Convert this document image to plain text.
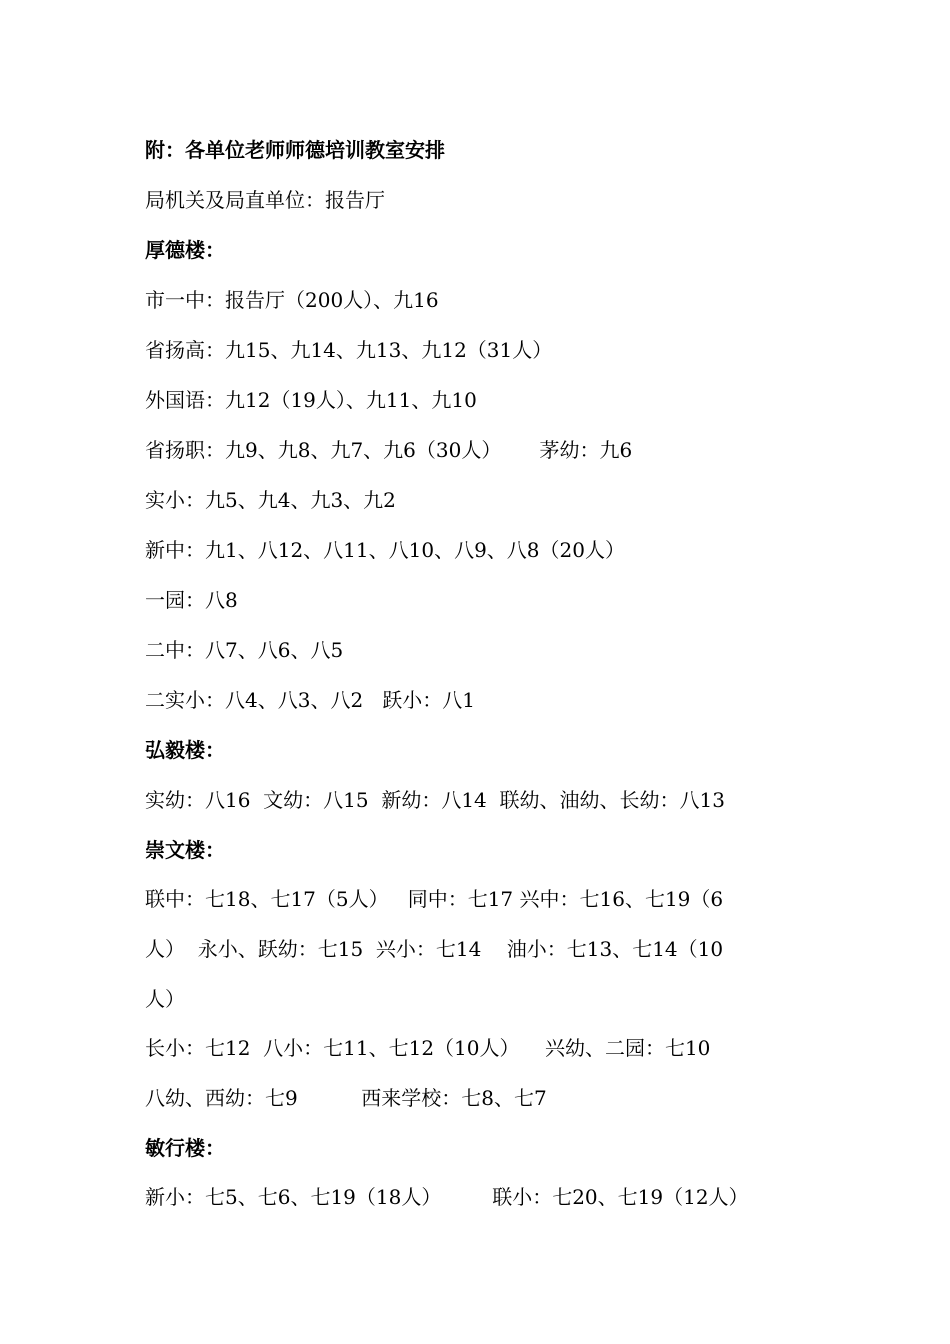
附：各单位老师师德培训教室安排
局机关及局直单位：报告厅
厚德楼：
市一中：报告厅（200人）、九16
省扬高：九15、九14、九13、九12（31人）
外国语：九12（19人）、九11、九10
省扬职：九9、九8、九7、九6（30人）      茅幼：九6
实小：九5、九4、九3、九2
新中：九1、八12、八11、八10、八9、八8（20人）
一园：八8
二中：八7、八6、八5
二实小：八4、八3、八2   跃小：八1
弘毅楼：
实幼：八16  文幼：八15  新幼：八14  联幼、油幼、长幼：八13
崇文楼：
联中：七18、七17（5人）   同中：七17 兴中：七16、七19（6
人）  永小、跃幼：七15  兴小：七14    油小：七13、七14（10
人）
长小：七12  八小：七11、七12（10人）    兴幼、二园：七10
八幼、西幼：七9          西来学校：七8、七7
敏行楼：
新小：七5、七6、七19（18人）        联小：七20、七19（12人）
